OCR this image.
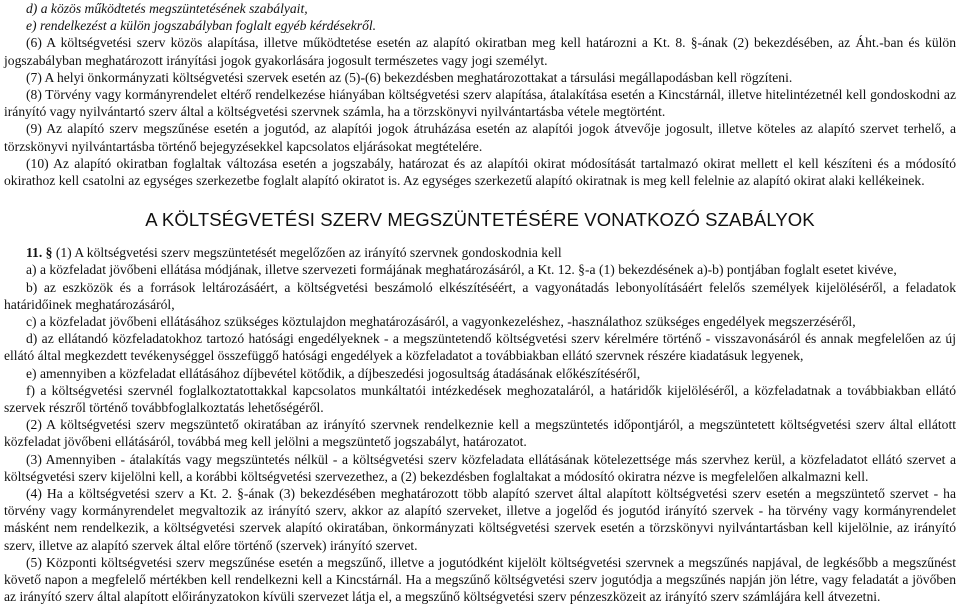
d) a közös működtetés megszüntetésének szabályait,

e) rendelkezést a külön jogszabályban foglalt egyéb kérdésekről.

(6) A költségvetési szerv közös alapítása, illetve működtetése esetén az alapító okiratban meg kell határozni a Kt. 8. §-ának (2) bekezdésében, az Áht.-ban és külön jogszabályban meghatározott irányítási jogok gyakorlására jogosult természetes vagy jogi személyt.

(7) A helyi önkormányzati költségvetési szervek esetén az (5)-(6) bekezdésben meghatározottakat a társulási megállapodásban kell rögzíteni.

(8) Törvény vagy kormányrendelet eltérő rendelkezése hiányában költségvetési szerv alapítása, átalakítása esetén a Kincstárnál, illetve hitelintézetnél kell gondoskodni az irányító vagy nyilvántartó szerv által a költségvetési szervnek számla, ha a törzskönyvi nyilvántartásba vétele megtörtént.

(9) Az alapító szerv megszűnése esetén a jogutód, az alapítói jogok átruházása esetén az alapítói jogok átvevője jogosult, illetve köteles az alapító szervet terhelő, a törzskönyvi nyilvántartásba történő bejegyzésekkel kapcsolatos eljárásokat megtételére.

(10) Az alapító okiratban foglaltak változása esetén a jogszabály, határozat és az alapítói okirat módosítását tartalmazó okirat mellett el kell készíteni és a módosító okirathoz kell csatolni az egységes szerkezetbe foglalt alapító okiratot is. Az egységes szerkezetű alapító okiratnak is meg kell felelnie az alapító okirat alaki kellékeinek.

A KÖLTSÉGVETÉSI SZERV MEGSZÜNTETÉSÉRE VONATKOZÓ SZABÁLYOK

11. § (1) A költségvetési szerv megszüntetését megelőzően az irányító szervnek gondoskodnia kell

a) a közfeladat jövőbeni ellátása módjának, illetve szervezeti formájának meghatározásáról, a Kt. 12. §-a (1) bekezdésének a)-b) pontjában foglalt esetet kivéve,

b) az eszközök és a források leltározásáért, a költségvetési beszámoló elkészítéséért, a vagyonátadás lebonyolításáért felelős személyek kijelöléséről, a feladatok határidőinek meghatározásáról,

c) a közfeladat jövőbeni ellátásához szükséges köztulajdon meghatározásáról, a vagyonkezeléshez, -használathoz szükséges engedélyek megszerzéséről,

d) az ellátandó közfeladatokhoz tartozó hatósági engedélyeknek - a megszüntetendő költségvetési szerv kérelmére történő - visszavonásáról és annak megfelelően az új ellátó által megkezdett tevékenységgel összefüggő hatósági engedélyek a közfeladatot a továbbiakban ellátó szervnek részére kiadatásuk legyenek,

e) amennyiben a közfeladat ellátásához díjbevétel kötődik, a díjbeszedési jogosultság átadásának előkészítéséről,

f) a költségvetési szervnél foglalkoztatottakkal kapcsolatos munkáltatói intézkedések meghozataláról, a határidők kijelöléséről, a közfeladatnak a továbbiakban ellátó szervek részről történő továbbfoglalkoztatás lehetőségéről.

(2) A költségvetési szerv megszüntető okiratában az irányító szervnek rendelkeznie kell a megszüntetés időpontjáról, a megszüntetett költségvetési szerv által ellátott közfeladat jövőbeni ellátásáról, továbbá meg kell jelölni a megszüntető jogszabályt, határozatot.

(3) Amennyiben - átalakítás vagy megszüntetés nélkül - a költségvetési szerv közfeladata ellátásának kötelezettsége más szervhez kerül, a közfeladatot ellátó szervet a költségvetési szerv kijelölni kell, a korábbi költségvetési szervezethez, a (2) bekezdésben foglaltakat a módosító okiratra nézve is megfelelően alkalmazni kell.

(4) Ha a költségvetési szerv a Kt. 2. §-ának (3) bekezdésében meghatározott több alapító szervet által alapított költségvetési szerv esetén a megszüntető szervet - ha törvény vagy kormányrendelet megvaltozik az irányító szerv, akkor az alapító szerveket, illetve a jogelőd és jogutód irányító szervek - ha törvény vagy kormányrendelet másként nem rendelkezik, a költségvetési szervek alapító okiratában, önkormányzati költségvetési szervek esetén a törzskönyvi nyilvántartásban kell kijelölnie, az irányító szerv, illetve az alapító szervek által előre történő (szervek) irányító szervet.

(5) Központi költségvetési szerv megszűnése esetén a megszűnő, illetve a jogutódként kijelölt költségvetési szervnek a megszűnés napjával, de legkésőbb a megszűnést követő napon a megfelelő mértékben kell rendelkezni kell a Kincstárnál. Ha a megszűnő költségvetési szerv jogutódja a megszűnés napján jön létre, vagy feladatát a jövőben az irányító szerv által alapított előirányzatokon kívüli szervezet látja el, a megszűnő költségvetési szerv pénzeszközeit az irányító szerv számlájára kell átvezetni.
